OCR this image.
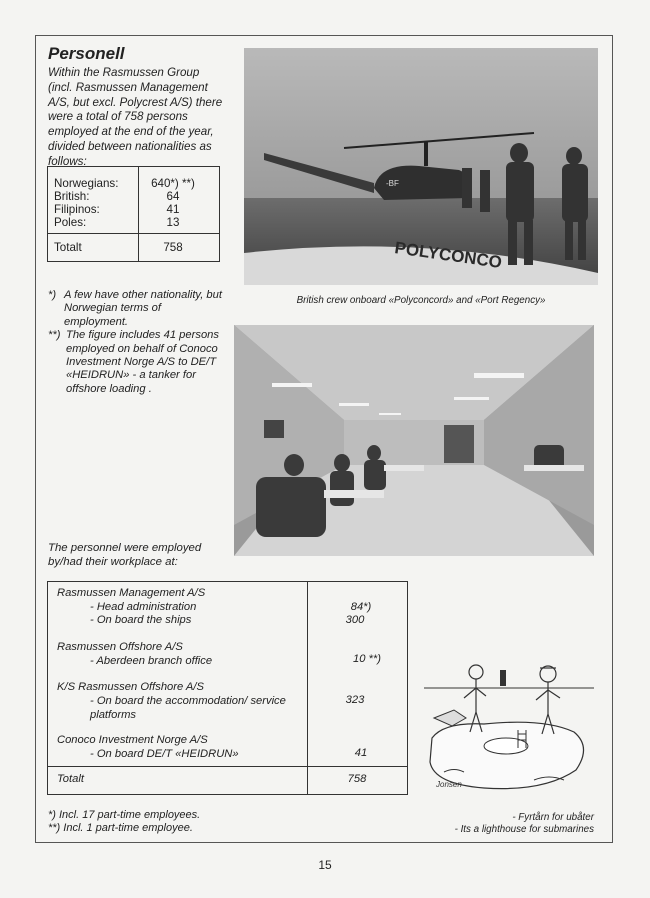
Personell
Within the Rasmussen Group (incl. Rasmussen Management A/S, but excl. Polycrest A/S) there were a total of 758 persons employed at the end of the year, divided between nationalities as follows:
Norwegians:	640*) **)
British:	64
Filipinos:	41
Poles:	13
Totalt	758
*) A few have other nationality, but Norwegian terms of employment.
**) The figure includes 41 persons employed on behalf of Conoco Investment Norge A/S to DE/T «HEIDRUN» - a tanker for offshore loading .
POLYCONCO
-BF
British crew onboard «Polyconcord» and «Port Regency»
The personnel were employed by/had their workplace at:
Rasmussen Management A/S
- Head administration	84*)
- On board the ships	300
Rasmussen Offshore A/S
- Aberdeen branch office	10 **)
K/S Rasmussen Offshore A/S
- On board the accommodation/ service	323
platforms
Conoco Investment Norge A/S
- On board DE/T «HEIDRUN»	41
Totalt	758	Jonsen
*) Incl. 17 part-time employees.
**) Incl. 1 part-time employee.
- Fyrtårn for ubåter
- Its a lighthouse for submarines
15
